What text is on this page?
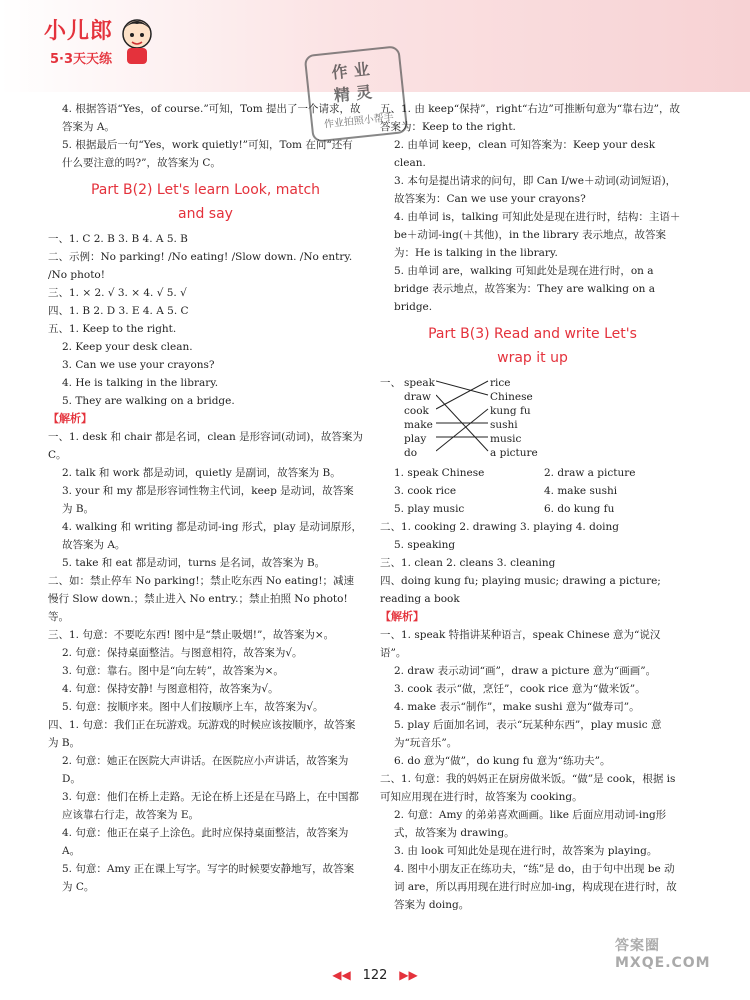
小儿郎
5·3天天练	作业
精灵
作业拍照小帮手

4. 根据答语“Yes，of course.”可知，Tom 提出了一个请求，故答案为 A。

5. 根据最后一句“Yes，work quietly!”可知，Tom 在问“还有什么要注意的吗?”，故答案为 C。

Part B(2) Let's learn Look, match
and say

一、1. C 2. B 3. B 4. A 5. B

二、示例：No parking! /No eating! /Slow down. /No entry. /No photo!

三、1. × 2. √ 3. × 4. √ 5. √

四、1. B 2. D 3. E 4. A 5. C

五、1. Keep to the right.

2. Keep your desk clean.

3. Can we use your crayons?

4. He is talking in the library.

5. They are walking on a bridge.

【解析】

一、1. desk 和 chair 都是名词，clean 是形容词(动词)，故答案为 C。

2. talk 和 work 都是动词，quietly 是副词，故答案为 B。

3. your 和 my 都是形容词性物主代词，keep 是动词，故答案为 B。

4. walking 和 writing 都是动词-ing 形式，play 是动词原形，故答案为 A。

5. take 和 eat 都是动词，turns 是名词，故答案为 B。

二、如：禁止停车 No parking!；禁止吃东西 No eating!；减速慢行 Slow down.；禁止进入 No entry.；禁止拍照 No photo! 等。

三、1. 句意：不要吃东西! 图中是“禁止吸烟!”，故答案为×。

2. 句意：保持桌面整洁。与图意相符，故答案为√。

3. 句意：靠右。图中是“向左转”，故答案为×。

4. 句意：保持安静! 与图意相符，故答案为√。

5. 句意：按顺序来。图中人们按顺序上车，故答案为√。

四、1. 句意：我们正在玩游戏。玩游戏的时候应该按顺序，故答案为 B。

2. 句意：她正在医院大声讲话。在医院应小声讲话，故答案为 D。

3. 句意：他们在桥上走路。无论在桥上还是在马路上，在中国都应该靠右行走，故答案为 E。

4. 句意：他正在桌子上涂色。此时应保持桌面整洁，故答案为 A。

5. 句意：Amy 正在课上写字。写字的时候要安静地写，故答案为 C。

五、1. 由 keep“保持”，right“右边”可推断句意为“靠右边”，故答案为：Keep to the right.

2. 由单词 keep，clean 可知答案为：Keep your desk clean.

3. 本句是提出请求的问句，即 Can I/we＋动词(动词短语)，故答案为：Can we use your crayons?

4. 由单词 is，talking 可知此处是现在进行时，结构：主语＋be＋动词-ing(＋其他)，in the library 表示地点，故答案为：He is talking in the library.

5. 由单词 are，walking 可知此处是现在进行时，on a bridge 表示地点，故答案为：They are walking on a bridge.

Part B(3) Read and write Let's
wrap it up
一、 speak
draw
cook
make
play
do
rice
Chinese
kung fu
sushi
music
a picture

1. speak Chinese	2. draw a picture

3. cook rice	4. make sushi

5. play music	6. do kung fu

二、1. cooking 2. drawing 3. playing 4. doing

5. speaking

三、1. clean 2. cleans 3. cleaning

四、doing kung fu; playing music; drawing a picture; reading a book

【解析】

一、1. speak 特指讲某种语言，speak Chinese 意为“说汉语”。

2. draw 表示动词“画”，draw a picture 意为“画画”。

3. cook 表示“做，烹饪”，cook rice 意为“做米饭”。

4. make 表示“制作”，make sushi 意为“做寿司”。

5. play 后面加名词，表示“玩某种东西”，play music 意为“玩音乐”。

6. do 意为“做”，do kung fu 意为“练功夫”。

二、1. 句意：我的妈妈正在厨房做米饭。“做”是 cook，根据 is 可知应用现在进行时，故答案为 cooking。

2. 句意：Amy 的弟弟喜欢画画。like 后面应用动词-ing形式，故答案为 drawing。

3. 由 look 可知此处是现在进行时，故答案为 playing。

4. 图中小朋友正在练功夫，“练”是 do，由于句中出现 be 动词 are，所以再用现在进行时应加-ing，构成现在进行时，故答案为 doing。

◀◀ 122 ▶▶
答案圈 MXQE.COM
